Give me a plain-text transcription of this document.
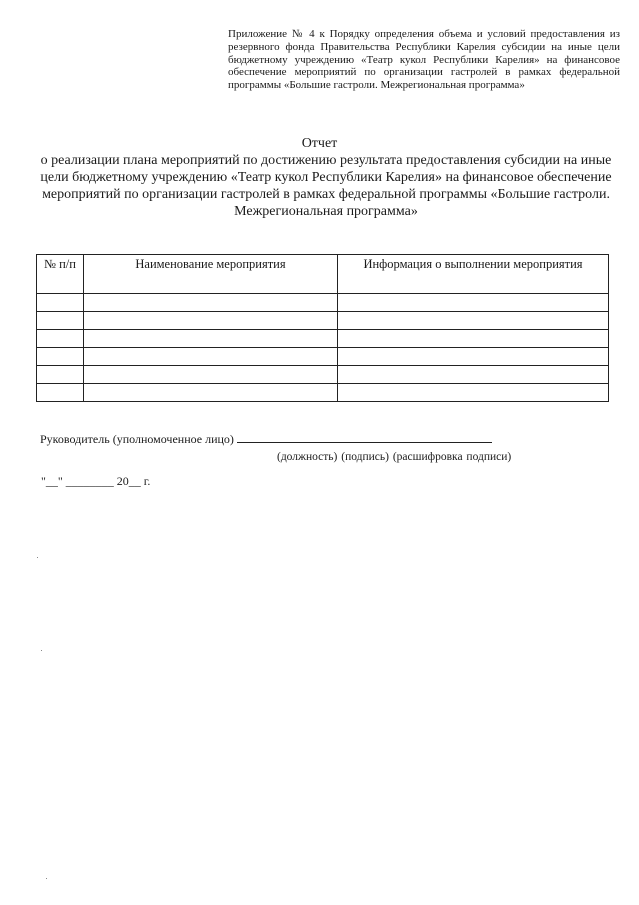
Приложение № 4 к Порядку определения объема и условий предоставления из резервного фонда Правительства Республики Карелия субсидии на иные цели бюджетному учреждению «Театр кукол Республики Карелия» на финансовое обеспечение мероприятий по организации гастролей в рамках федеральной программы «Большие гастроли. Межрегиональная программа»

Отчет

о реализации плана мероприятий по достижению результата предоставления субсидии на иные цели бюджетному учреждению «Театр кукол Республики Карелия» на финансовое обеспечение мероприятий по организации гастролей в рамках федеральной программы «Большие гастроли. Межрегиональная программа»

№ п/п	Наименование мероприятия	Информация о выполнении мероприятия

Руководитель (уполномоченное лицо)

(должность) (подпись) (расшифровка подписи)

"__" ________ 20__ г.
